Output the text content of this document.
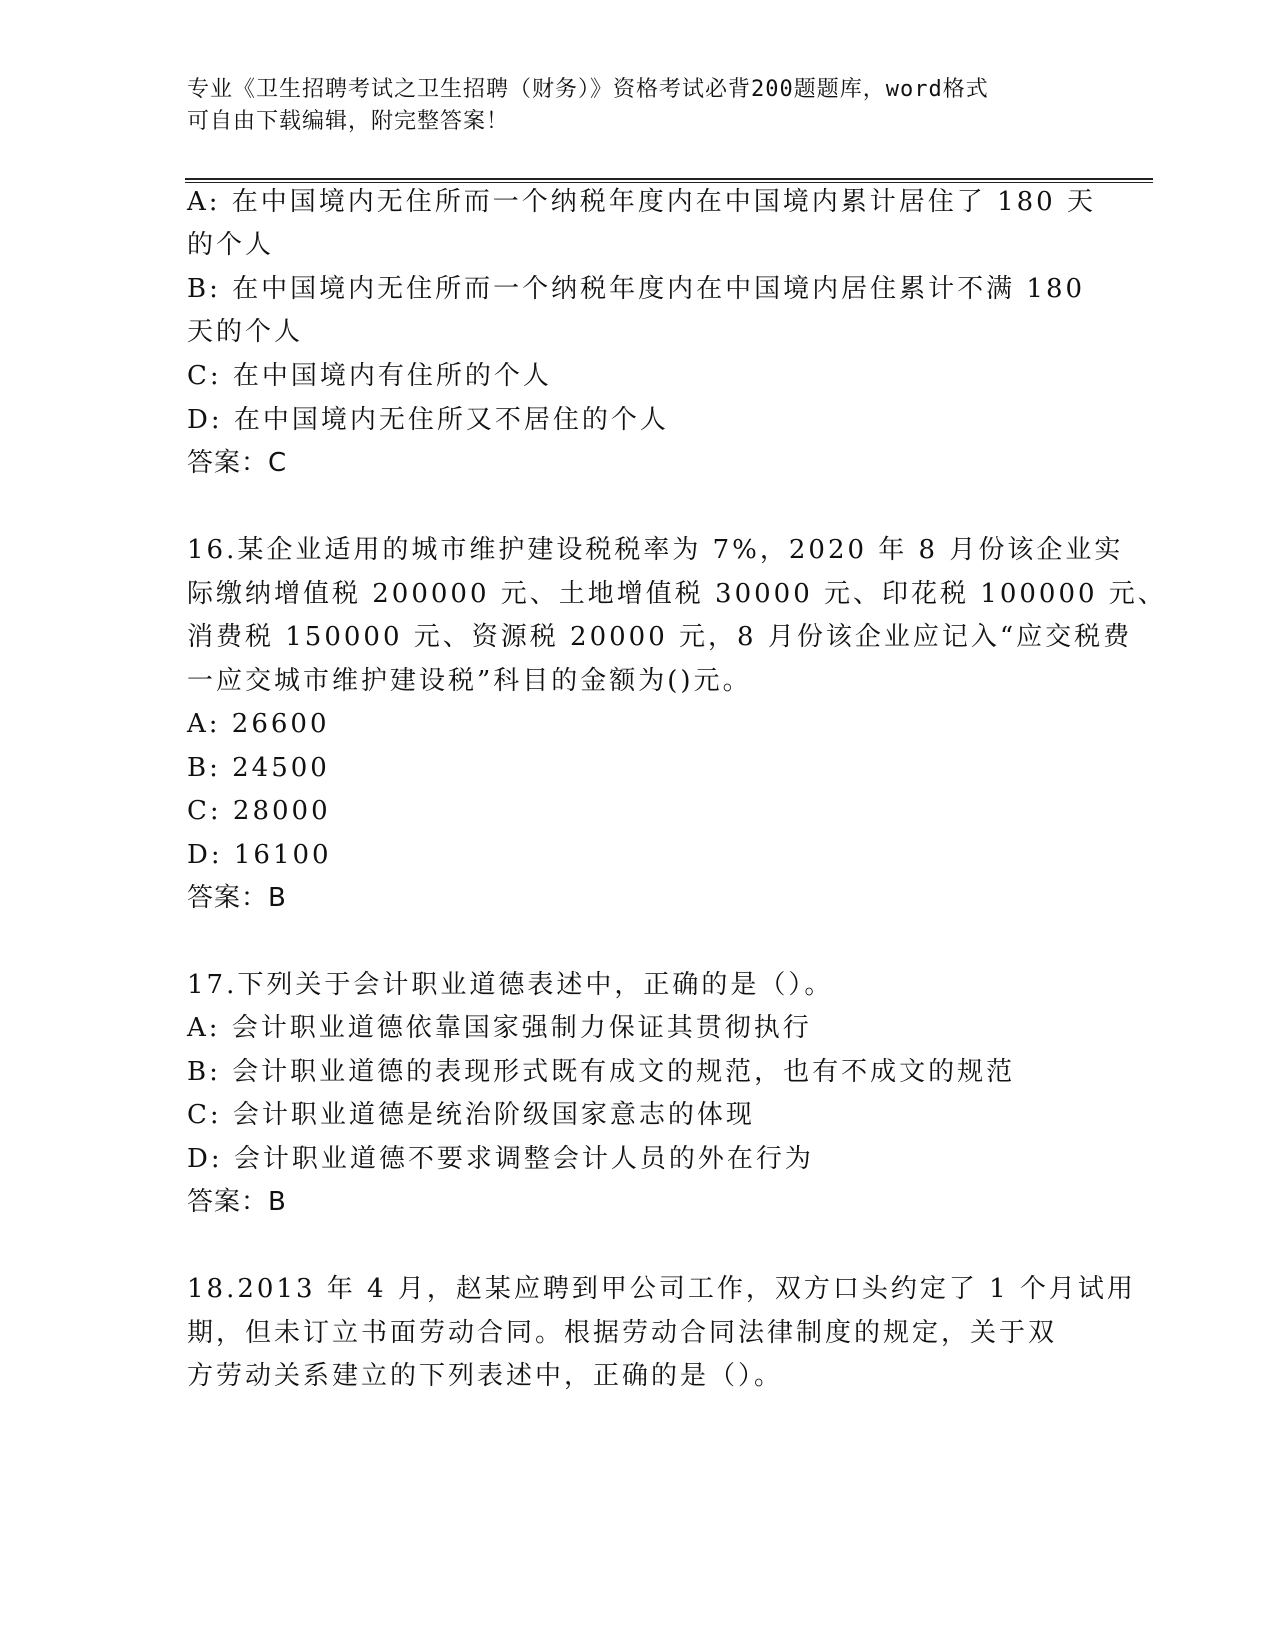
专业《卫生招聘考试之卫生招聘（财务）》资格考试必背200题题库，word格式
可自由下载编辑，附完整答案！
A: 在中国境内无住所而一个纳税年度内在中国境内累计居住了 180 天
的个人
B: 在中国境内无住所而一个纳税年度内在中国境内居住累计不满 180
天的个人
C: 在中国境内有住所的个人
D: 在中国境内无住所又不居住的个人
答案：C
16.某企业适用的城市维护建设税税率为 7%，2020 年 8 月份该企业实
际缴纳增值税 200000 元、土地增值税 30000 元、印花税 100000 元、
消费税 150000 元、资源税 20000 元，8 月份该企业应记入“应交税费
一应交城市维护建设税”科目的金额为()元。
A: 26600
B: 24500
C: 28000
D: 16100
答案：B
17.下列关于会计职业道德表述中，正确的是（）。
A: 会计职业道德依靠国家强制力保证其贯彻执行
B: 会计职业道德的表现形式既有成文的规范，也有不成文的规范
C: 会计职业道德是统治阶级国家意志的体现
D: 会计职业道德不要求调整会计人员的外在行为
答案：B
18.2013 年 4 月，赵某应聘到甲公司工作，双方口头约定了 1 个月试用
期，但未订立书面劳动合同。根据劳动合同法律制度的规定，关于双
方劳动关系建立的下列表述中，正确的是（）。
